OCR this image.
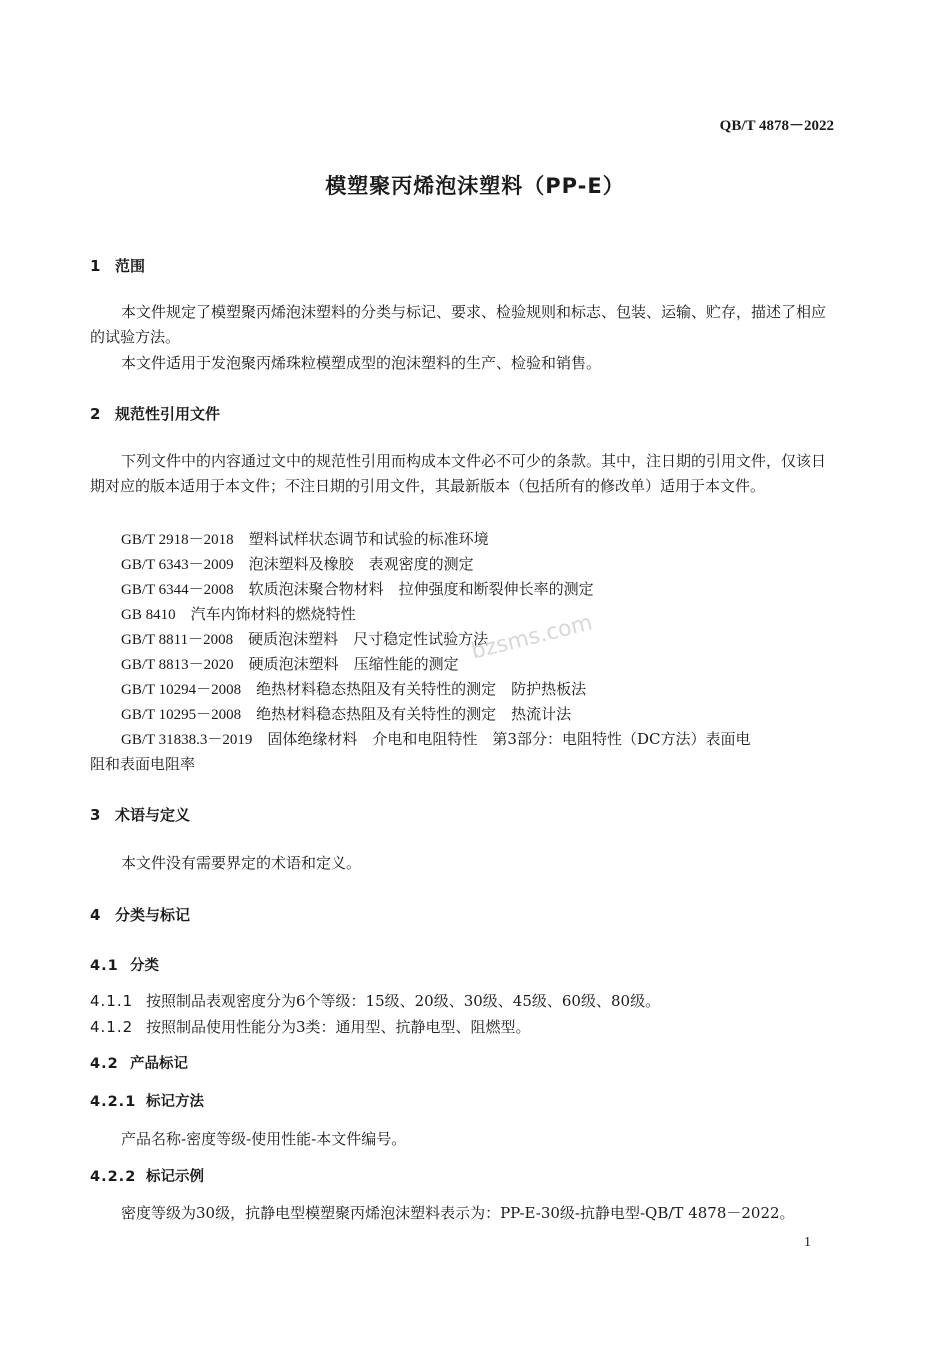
QB/T 4878－2022
模塑聚丙烯泡沫塑料（PP-E）
1 范围
本文件规定了模塑聚丙烯泡沫塑料的分类与标记、要求、检验规则和标志、包装、运输、贮存，描述了相应的试验方法。
本文件适用于发泡聚丙烯珠粒模塑成型的泡沫塑料的生产、检验和销售。
2 规范性引用文件
下列文件中的内容通过文中的规范性引用而构成本文件必不可少的条款。其中，注日期的引用文件，仅该日期对应的版本适用于本文件；不注日期的引用文件，其最新版本（包括所有的修改单）适用于本文件。
GB/T 2918－2018　 塑料试样状态调节和试验的标准环境
GB/T 6343－2009　 泡沫塑料及橡胶　表观密度的测定
GB/T 6344－2008　 软质泡沫聚合物材料　拉伸强度和断裂伸长率的测定
GB 8410　 汽车内饰材料的燃烧特性
GB/T 8811－2008　 硬质泡沫塑料　尺寸稳定性试验方法
GB/T 8813－2020　 硬质泡沫塑料　压缩性能的测定
GB/T 10294－2008　 绝热材料稳态热阻及有关特性的测定　防护热板法
GB/T 10295－2008　 绝热材料稳态热阻及有关特性的测定　热流计法
GB/T 31838.3－2019　 固体绝缘材料　介电和电阻特性　第3部分：电阻特性（DC方法）表面电
阻和表面电阻率
bzsms.com
3 术语与定义
本文件没有需要界定的术语和定义。
4 分类与标记
4.1 分类
4.1.1 按照制品表观密度分为6个等级：15级、20级、30级、45级、60级、80级。
4.1.2 按照制品使用性能分为3类：通用型、抗静电型、阻燃型。
4.2 产品标记
4.2.1 标记方法
产品名称-密度等级-使用性能-本文件编号。
4.2.2 标记示例
密度等级为30级，抗静电型模塑聚丙烯泡沫塑料表示为：PP-E-30级-抗静电型-QB/T 4878－2022。
1
